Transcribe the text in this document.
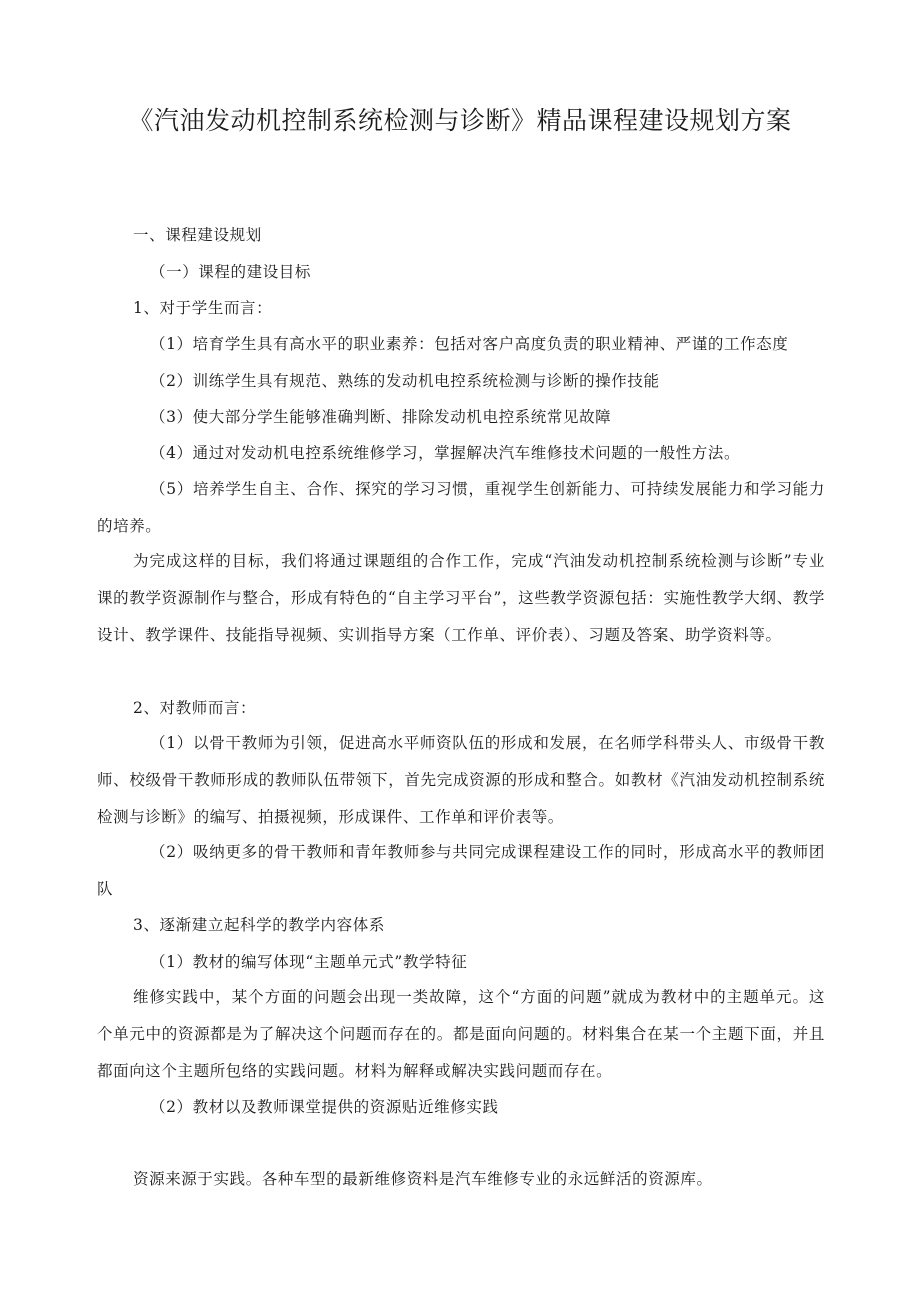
《汽油发动机控制系统检测与诊断》精品课程建设规划方案
一、课程建设规划
（一）课程的建设目标
1、对于学生而言：
（1）培育学生具有高水平的职业素养：包括对客户高度负责的职业精神、严谨的工作态度
（2）训练学生具有规范、熟练的发动机电控系统检测与诊断的操作技能
（3）使大部分学生能够准确判断、排除发动机电控系统常见故障
（4）通过对发动机电控系统维修学习，掌握解决汽车维修技术问题的一般性方法。
（5）培养学生自主、合作、探究的学习习惯，重视学生创新能力、可持续发展能力和学习能力的培养。
为完成这样的目标，我们将通过课题组的合作工作，完成“汽油发动机控制系统检测与诊断”专业课的教学资源制作与整合，形成有特色的“自主学习平台”，这些教学资源包括：实施性教学大纲、教学设计、教学课件、技能指导视频、实训指导方案（工作单、评价表）、习题及答案、助学资料等。
2、对教师而言：
（1）以骨干教师为引领，促进高水平师资队伍的形成和发展，在名师学科带头人、市级骨干教师、校级骨干教师形成的教师队伍带领下，首先完成资源的形成和整合。如教材《汽油发动机控制系统检测与诊断》的编写、拍摄视频，形成课件、工作单和评价表等。
（2）吸纳更多的骨干教师和青年教师参与共同完成课程建设工作的同时，形成高水平的教师团队
3、逐渐建立起科学的教学内容体系
（1）教材的编写体现“主题单元式”教学特征
维修实践中，某个方面的问题会出现一类故障，这个“方面的问题”就成为教材中的主题单元。这个单元中的资源都是为了解决这个问题而存在的。都是面向问题的。材料集合在某一个主题下面，并且都面向这个主题所包络的实践问题。材料为解释或解决实践问题而存在。
（2）教材以及教师课堂提供的资源贴近维修实践
资源来源于实践。各种车型的最新维修资料是汽车维修专业的永远鲜活的资源库。
